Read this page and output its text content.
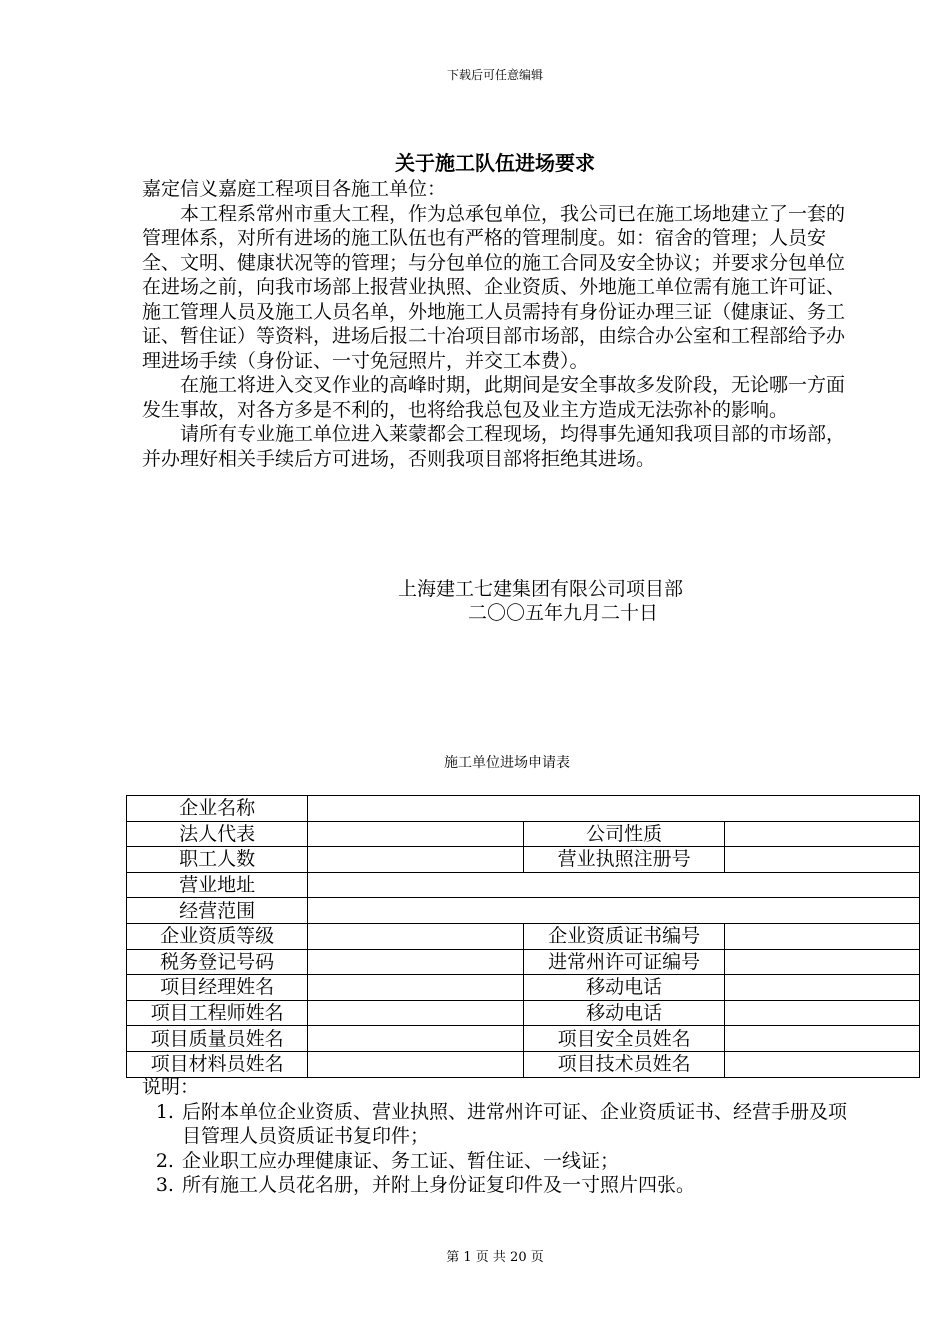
下载后可任意编辑
关于施工队伍进场要求

嘉定信义嘉庭工程项目各施工单位：

本工程系常州市重大工程，作为总承包单位，我公司已在施工场地建立了一套的管理体系，对所有进场的施工队伍也有严格的管理制度。如：宿舍的管理；人员安全、文明、健康状况等的管理；与分包单位的施工合同及安全协议；并要求分包单位在进场之前，向我市场部上报营业执照、企业资质、外地施工单位需有施工许可证、施工管理人员及施工人员名单，外地施工人员需持有身份证办理三证（健康证、务工证、暂住证）等资料，进场后报二十冶项目部市场部，由综合办公室和工程部给予办理进场手续（身份证、一寸免冠照片，并交工本费）。

在施工将进入交叉作业的高峰时期，此期间是安全事故多发阶段，无论哪一方面发生事故，对各方多是不利的，也将给我总包及业主方造成无法弥补的影响。

请所有专业施工单位进入莱蒙都会工程现场，均得事先通知我项目部的市场部，并办理好相关手续后方可进场，否则我项目部将拒绝其进场。

上海建工七建集团有限公司项目部
二〇〇五年九月二十日
施工单位进场申请表
企业名称			
法人代表		公司性质	
职工人数		营业执照注册号	
营业地址			
经营范围			
企业资质等级		企业资质证书编号	
税务登记号码		进常州许可证编号	
项目经理姓名		移动电话	
项目工程师姓名		移动电话	
项目质量员姓名		项目安全员姓名	
项目材料员姓名		项目技术员姓名	
说明：
1. 后附本单位企业资质、营业执照、进常州许可证、企业资质证书、经营手册及项目管理人员资质证书复印件；
2. 企业职工应办理健康证、务工证、暂住证、一线证；
3. 所有施工人员花名册，并附上身份证复印件及一寸照片四张。
第 1 页 共 20 页
